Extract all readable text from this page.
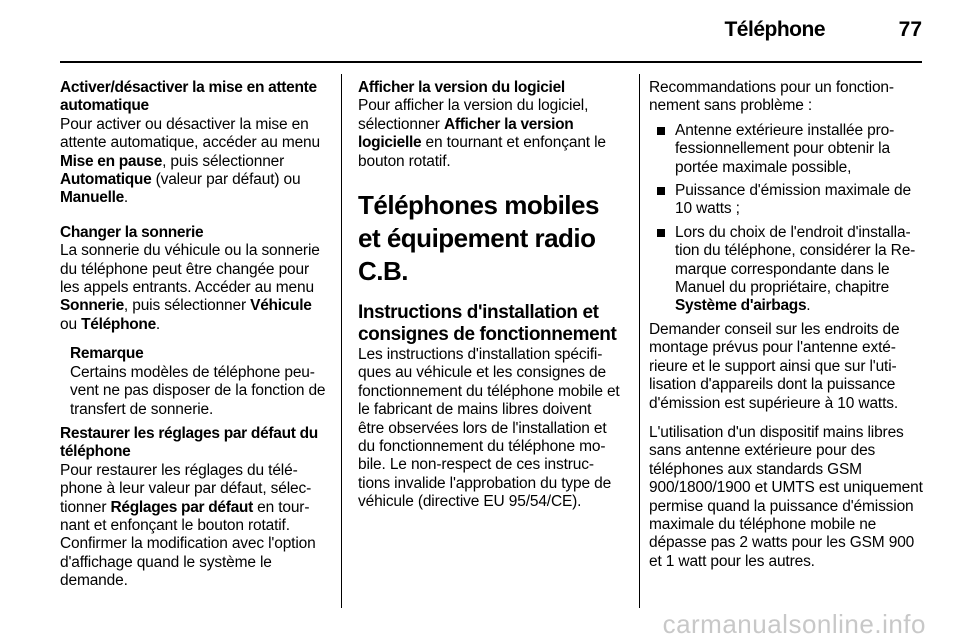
Téléphone	77
Activer/désactiver la mise en attente automatique
Pour activer ou désactiver la mise en attente automatique, accéder au menu Mise en pause, puis sélectionner Automatique (valeur par défaut) ou Manuelle.
Changer la sonnerie
La sonnerie du véhicule ou la sonnerie du téléphone peut être changée pour les appels entrants. Accéder au menu Sonnerie, puis sélectionner Véhicule ou Téléphone.
Remarque
Certains modèles de téléphone peuvent ne pas disposer de la fonction de transfert de sonnerie.
Restaurer les réglages par défaut du téléphone
Pour restaurer les réglages du téléphone à leur valeur par défaut, sélectionner Réglages par défaut en tournant et enfonçant le bouton rotatif. Confirmer la modification avec l'option d'affichage quand le système le demande.
Afficher la version du logiciel
Pour afficher la version du logiciel, sélectionner Afficher la version logicielle en tournant et enfonçant le bouton rotatif.
Téléphones mobiles et équipement radio C.B.
Instructions d'installation et consignes de fonctionnement
Les instructions d'installation spécifiques au véhicule et les consignes de fonctionnement du téléphone mobile et le fabricant de mains libres doivent être observées lors de l'installation et du fonctionnement du téléphone mobile. Le non-respect de ces instructions invalide l'approbation du type de véhicule (directive EU 95/54/CE).

Recommandations pour un fonctionnement sans problème :

Antenne extérieure installée professionnellement pour obtenir la portée maximale possible,
Puissance d'émission maximale de 10 watts ;
Lors du choix de l'endroit d'installation du téléphone, considérer la Remarque correspondante dans le Manuel du propriétaire, chapitre Système d'airbags.

Demander conseil sur les endroits de montage prévus pour l'antenne extérieure et le support ainsi que sur l'utilisation d'appareils dont la puissance d'émission est supérieure à 10 watts.

L'utilisation d'un dispositif mains libres sans antenne extérieure pour des téléphones aux standards GSM 900/1800/1900 et UMTS est uniquement permise quand la puissance d'émission maximale du téléphone mobile ne dépasse pas 2 watts pour les GSM 900 et 1 watt pour les autres.

carmanualsonline.info
